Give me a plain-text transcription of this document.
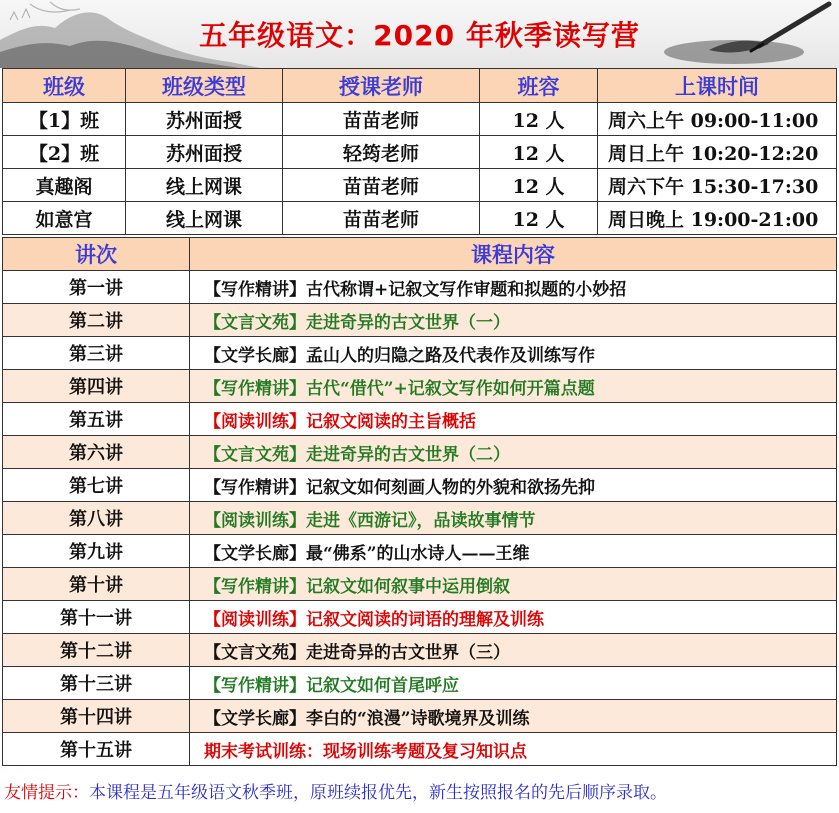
五年级语文：2020 年秋季读写营
班级	班级类型	授课老师	班容	上课时间
【1】班	苏州面授	苗苗老师	12 人	周六上午 09:00-11:00
【2】班	苏州面授	轻筠老师	12 人	周日上午 10:20-12:20
真趣阁	线上网课	苗苗老师	12 人	周六下午 15:30-17:30
如意宫	线上网课	苗苗老师	12 人	周日晚上 19:00-21:00
讲次	课程内容
第一讲	【写作精讲】古代称谓+记叙文写作审题和拟题的小妙招
第二讲	【文言文苑】走进奇异的古文世界（一）
第三讲	【文学长廊】孟山人的归隐之路及代表作及训练写作
第四讲	【写作精讲】古代“借代”+记叙文写作如何开篇点题
第五讲	【阅读训练】记叙文阅读的主旨概括
第六讲	【文言文苑】走进奇异的古文世界（二）
第七讲	【写作精讲】记叙文如何刻画人物的外貌和欲扬先抑
第八讲	【阅读训练】走进《西游记》，品读故事情节
第九讲	【文学长廊】最“佛系”的山水诗人——王维
第十讲	【写作精讲】记叙文如何叙事中运用倒叙
第十一讲	【阅读训练】记叙文阅读的词语的理解及训练
第十二讲	【文言文苑】走进奇异的古文世界（三）
第十三讲	【写作精讲】记叙文如何首尾呼应
第十四讲	【文学长廊】李白的“浪漫”诗歌境界及训练
第十五讲	期末考试训练：现场训练考题及复习知识点
友情提示：本课程是五年级语文秋季班，原班续报优先，新生按照报名的先后顺序录取。
